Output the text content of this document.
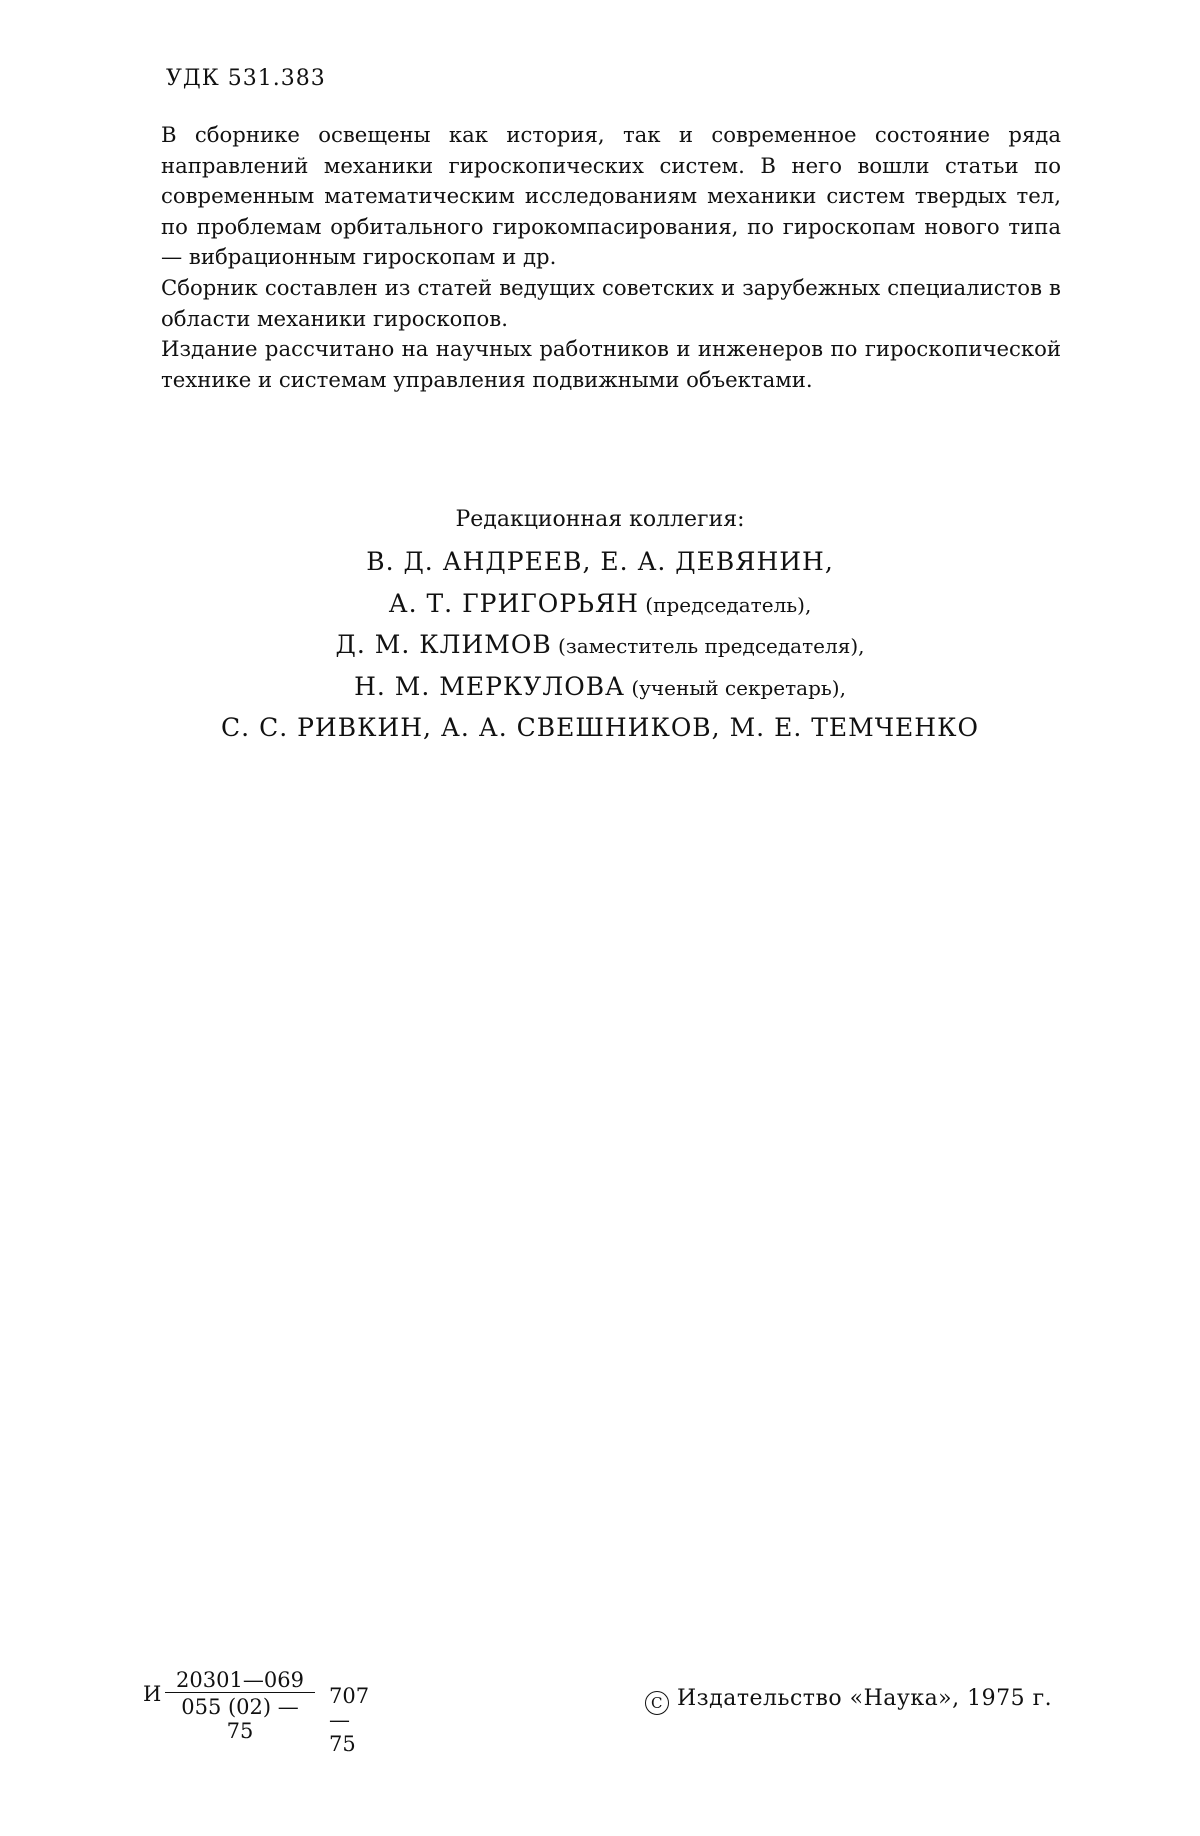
УДК 531.383

В сборнике освещены как история, так и современное состояние ряда направлений механики гироскопических систем. В него вошли статьи по современным математическим исследованиям механики систем твердых тел, по проблемам орбитального гирокомпасирования, по гироскопам нового типа — вибрационным гироскопам и др.

Сборник составлен из статей ведущих советских и зарубежных специалистов в области механики гироскопов.

Издание рассчитано на научных работников и инженеров по гироскопической технике и системам управления подвижными объектами.

Редакционная коллегия:
В. Д. АНДРЕЕВ, Е. А. ДЕВЯНИН,
А. Т. ГРИГОРЬЯН (председатель),
Д. М. КЛИМОВ (заместитель председателя),
Н. М. МЕРКУЛОВА (ученый секретарь),
С. С. РИВКИН, А. А. СВЕШНИКОВ, М. Е. ТЕМЧЕНКО
И $\frac{20301—069}{055 (02) — 75}$ 707—75
С Издательство «Наука», 1975 г.
